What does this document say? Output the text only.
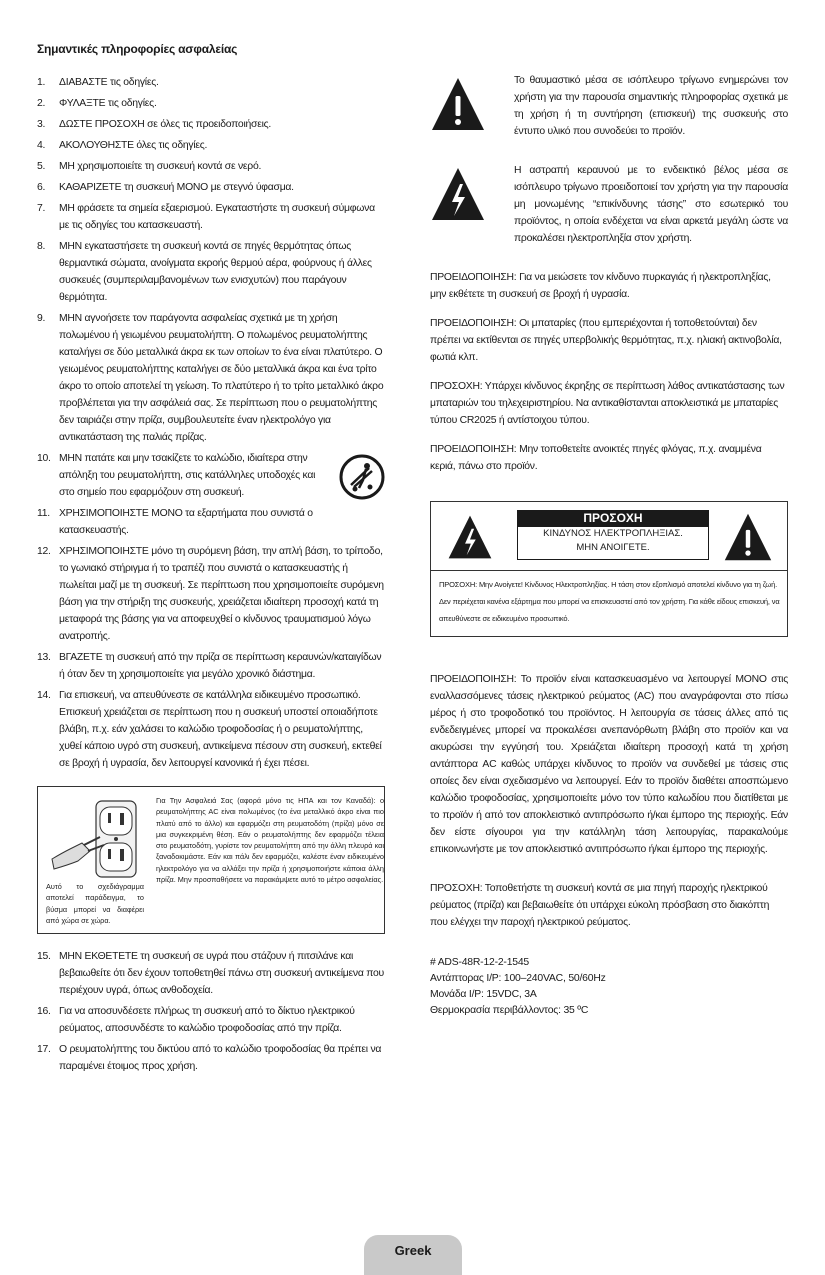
Σημαντικές πληροφορίες ασφαλείας
1. ΔΙΑΒΑΣΤΕ τις οδηγίες.
2. ΦΥΛΑΞΤΕ τις οδηγίες.
3. ΔΩΣΤΕ ΠΡΟΣΟΧΗ σε όλες τις προειδοποιήσεις.
4. ΑΚΟΛΟΥΘΗΣΤΕ όλες τις οδηγίες.
5. ΜΗ χρησιμοποιείτε τη συσκευή κοντά σε νερό.
6. ΚΑΘΑΡΙΖΕΤΕ τη συσκευή ΜΟΝΟ με στεγνό ύφασμα.
7. ΜΗ φράσετε τα σημεία εξαερισμού. Εγκαταστήστε τη συσκευή σύμφωνα με τις οδηγίες του κατασκευαστή.
8. ΜΗΝ εγκαταστήσετε τη συσκευή κοντά σε πηγές θερμότητας όπως θερμαντικά σώματα, ανοίγματα εκροής θερμού αέρα, φούρνους ή άλλες συσκευές (συμπεριλαμβανομένων των ενισχυτών) που παράγουν θερμότητα.
9. ΜΗΝ αγνοήσετε τον παράγοντα ασφαλείας σχετικά με τη χρήση πολωμένου ή γειωμένου ρευματολήπτη. Ο πολωμένος ρευματολήπτης καταλήγει σε δύο μεταλλικά άκρα εκ των οποίων το ένα είναι πλατύτερο. Ο γειωμένος ρευματολήπτης καταλήγει σε δύο μεταλλικά άκρα και ένα τρίτο άκρο το οποίο αποτελεί τη γείωση. Το πλατύτερο ή το τρίτο μεταλλικό άκρο προβλέπεται για την ασφάλειά σας. Σε περίπτωση που ο ρευματολήπτης δεν ταιριάζει στην πρίζα, συμβουλευτείτε έναν ηλεκτρολόγο για αντικατάσταση της παλιάς πρίζας.
10. ΜΗΝ πατάτε και μην τσακίζετε το καλώδιο, ιδιαίτερα στην απόληξη του ρευματολήπτη, στις κατάλληλες υποδοχές και στο σημείο που εφαρμόζουν στη συσκευή.
11. ΧΡΗΣΙΜΟΠΟΙΗΣΤΕ ΜΟΝΟ τα εξαρτήματα που συνιστά ο κατασκευαστής.
12. ΧΡΗΣΙΜΟΠΟΙΗΣΤΕ μόνο τη συρόμενη βάση, την απλή βάση, το τρίποδο, το γωνιακό στήριγμα ή το τραπέζι που συνιστά ο κατασκευαστής ή πωλείται μαζί με τη συσκευή. Σε περίπτωση που χρησιμοποιείτε συρόμενη βάση για την στήριξη της συσκευής, χρειάζεται ιδιαίτερη προσοχή κατά τη μεταφορά της βάσης για να αποφευχθεί ο κίνδυνος τραυματισμού λόγω ανατροπής.
13. ΒΓΑΖΕΤΕ τη συσκευή από την πρίζα σε περίπτωση κεραυνών/καταιγίδων ή όταν δεν τη χρησιμοποιείτε για μεγάλο χρονικό διάστημα.
14. Για επισκευή, να απευθύνεστε σε κατάλληλα ειδικευμένο προσωπικό. Επισκευή χρειάζεται σε περίπτωση που η συσκευή υποστεί οποιαδήποτε βλάβη, π.χ. εάν χαλάσει το καλώδιο τροφοδοσίας ή ο ρευματολήπτης, χυθεί κάποιο υγρό στη συσκευή, αντικείμενα πέσουν στη συσκευή, εκτεθεί σε βροχή ή υγρασία, δεν λειτουργεί κανονικά ή έχει πέσει.
Αυτό το σχεδιάγραμμα αποτελεί παράδειγμα, το βύσμα μπορεί να διαφέρει από χώρα σε χώρα.
Για Την Ασφαλειά Σας (αφορά μόνο τις ΗΠΑ και τον Καναδά): ο ρευματολήπτης AC είναι πολωμένος (το ένα μεταλλικό άκρο είναι πιο πλατύ από το άλλο) και εφαρμόζει στη ρευματοδότη (πρίζα) μόνο σε μια συγκεκριμένη θέση. Εάν ο ρευματολήπτης δεν εφαρμόζει τέλεια στο ρευματοδότη, γυρίστε τον ρευματολήπτη από την άλλη πλευρά και ξαναδοκιμάστε. Εάν και πάλι δεν εφαρμόζει, καλέστε έναν ειδικευμένο ηλεκτρολόγο για να αλλάξει την πρίζα ή χρησιμοποιήστε κάποια άλλη πρίζα. Μην προσπαθήσετε να παρακάμψετε αυτό το μέτρο ασφαλείας.
15. ΜΗΝ ΕΚΘΕΤΕΤΕ τη συσκευή σε υγρά που στάζουν ή πιτσιλάνε και βεβαιωθείτε ότι δεν έχουν τοποθετηθεί πάνω στη συσκευή αντικείμενα που περιέχουν υγρά, όπως ανθοδοχεία.
16. Για να αποσυνδέσετε πλήρως τη συσκευή από το δίκτυο ηλεκτρικού ρεύματος, αποσυνδέστε το καλώδιο τροφοδοσίας από την πρίζα.
17. Ο ρευματολήπτης του δικτύου από το καλώδιο τροφοδοσίας θα πρέπει να παραμένει έτοιμος προς χρήση.
Το θαυμαστικό μέσα σε ισόπλευρο τρίγωνο ενημερώνει τον χρήστη για την παρουσία σημαντικής πληροφορίας σχετικά με τη χρήση ή τη συντήρηση (επισκευή) της συσκευής στο έντυπο υλικό που συνοδεύει το προϊόν.
Η αστραπή κεραυνού με το ενδεικτικό βέλος μέσα σε ισόπλευρο τρίγωνο προειδοποιεί τον χρήστη για την παρουσία μη μονωμένης “επικίνδυνης τάσης” στο εσωτερικό του προϊόντος, η οποία ενδέχεται να είναι αρκετά μεγάλη ώστε να προκαλέσει ηλεκτροπληξία στον χρήστη.

ΠΡΟΕΙΔΟΠΟΙΗΣΗ: Για να μειώσετε τον κίνδυνο πυρκαγιάς ή ηλεκτροπληξίας, μην εκθέτετε τη συσκευή σε βροχή ή υγρασία.

ΠΡΟΕΙΔΟΠΟΙΗΣΗ: Οι μπαταρίες (που εμπεριέχονται ή τοποθετούνται) δεν πρέπει να εκτίθενται σε πηγές υπερβολικής θερμότητας, π.χ. ηλιακή ακτινοβολία, φωτιά κλπ.

ΠΡΟΣΟΧΗ: Υπάρχει κίνδυνος έκρηξης σε περίπτωση λάθος αντικατάστασης των μπαταριών του τηλεχειριστηρίου. Να αντικαθίστανται αποκλειστικά με μπαταρίες τύπου CR2025 ή αντίστοιχου τύπου.

ΠΡΟΕΙΔΟΠΟΙΗΣΗ: Μην τοποθετείτε ανοικτές πηγές φλόγας, π.χ. αναμμένα κεριά, πάνω στο προϊόν.

ΠΡΟΣΟΧΗ
ΚΙΝΔΥΝΟΣ ΗΛΕΚΤΡΟΠΛΗΞΙΑΣ.
ΜΗΝ ΑΝΟΙΓΕΤΕ.
ΠΡΟΣΟΧΗ: Μην Ανοίγετε! Κίνδυνος Ηλεκτροπληξίας. Η τάση στον εξοπλισμό αποτελεί κίνδυνο για τη ζωή. Δεν περιέχεται κανένα εξάρτημα που μπορεί να επισκευαστεί από τον χρήστη. Για κάθε είδους επισκευή, να απευθύνεστε σε ειδικευμένο προσωπικό.

ΠΡΟΕΙΔΟΠΟΙΗΣΗ: Το προϊόν είναι κατασκευασμένο να λειτουργεί ΜΟΝΟ στις εναλλασσόμενες τάσεις ηλεκτρικού ρεύματος (AC) που αναγράφονται στο πίσω μέρος ή στο τροφοδοτικό του προϊόντος. Η λειτουργία σε τάσεις άλλες από τις ενδεδειγμένες μπορεί να προκαλέσει ανεπανόρθωτη βλάβη στο προϊόν και να ακυρώσει την εγγύησή του. Χρειάζεται ιδιαίτερη προσοχή κατά τη χρήση αντάπτορα AC καθώς υπάρχει κίνδυνος το προϊόν να συνδεθεί με τάσεις στις οποίες δεν είναι σχεδιασμένο να λειτουργεί. Εάν το προϊόν διαθέτει αποσπώμενο καλώδιο τροφοδοσίας, χρησιμοποιείτε μόνο τον τύπο καλωδίου που διατίθεται με το προϊόν ή από τον αποκλειστικό αντιπρόσωπο ή/και έμπορο της περιοχής. Εάν δεν είστε σίγουροι για την κατάλληλη τάση λειτουργίας, παρακαλούμε επικοινωνήστε με τον αποκλειστικό αντιπρόσωπο ή/και έμπορο της περιοχής.

ΠΡΟΣΟΧΗ: Τοποθετήστε τη συσκευή κοντά σε μια πηγή παροχής ηλεκτρικού ρεύματος (πρίζα) και βεβαιωθείτε ότι υπάρχει εύκολη πρόσβαση στο διακόπτη που ελέγχει την παροχή ηλεκτρικού ρεύματος.

# ADS-48R-12-2-1545
Αντάπτορας I/P: 100–240VAC, 50/60Hz
Μονάδα I/P: 15VDC, 3A
Θερμοκρασία περιβάλλοντος: 35 ºC
Greek
